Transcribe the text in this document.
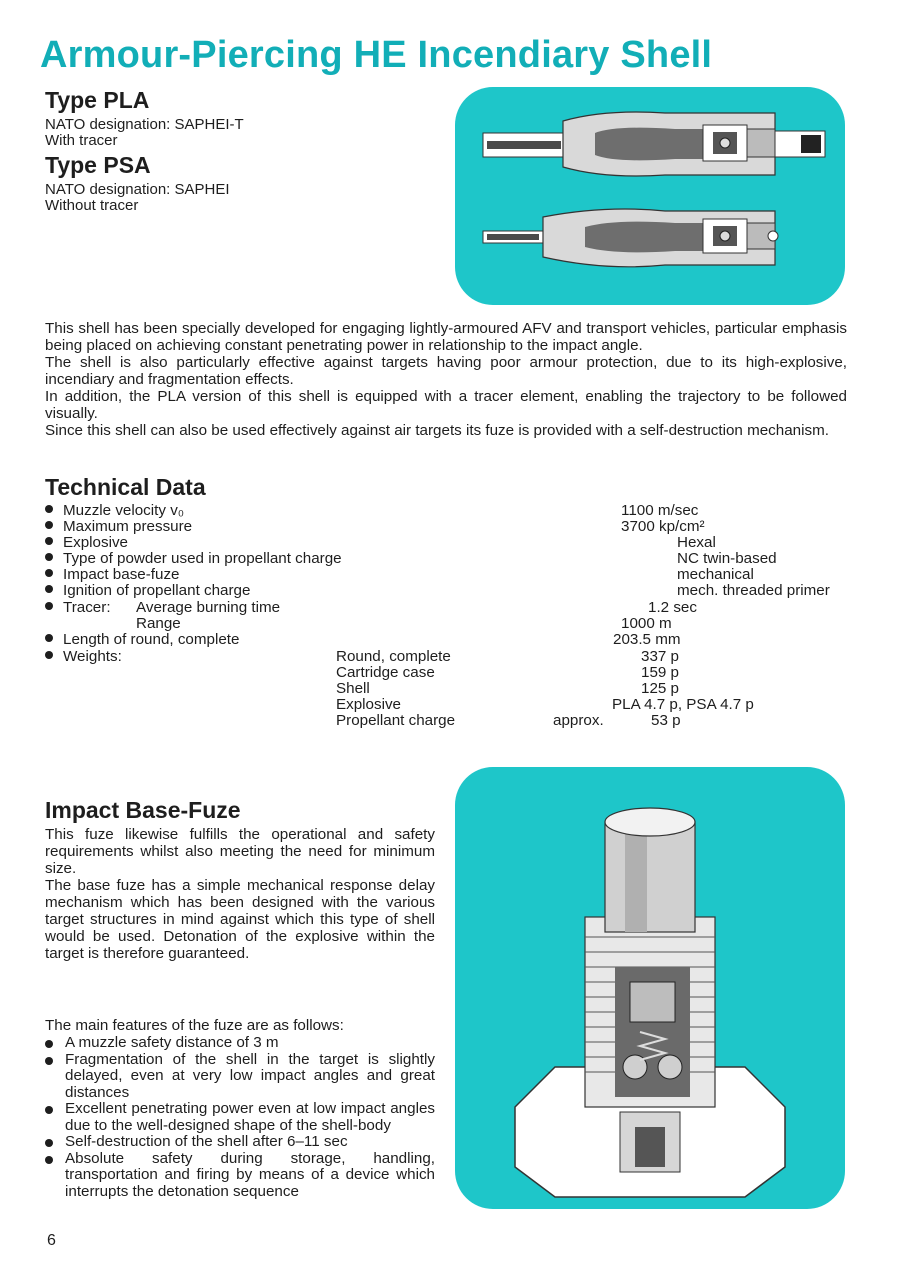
Armour-Piercing HE Incendiary Shell
Type PLA

NATO designation: SAPHEI-T

With tracer

Type PSA

NATO designation: SAPHEI

Without tracer

This shell has been specially developed for engaging lightly-armoured AFV and transport vehicles, particular emphasis being placed on achieving constant penetrating power in relationship to the impact angle.

The shell is also particularly effective against targets having poor armour protection, due to its high-explosive, incendiary and fragmentation effects.

In addition, the PLA version of this shell is equipped with a tracer element, enabling the trajectory to be followed visually.

Since this shell can also be used effectively against air targets its fuze is provided with a self-destruction mechanism.

Technical Data
Muzzle velocity v₀
Maximum pressure
Explosive
Type of powder used in propellant charge
Impact base-fuze
Ignition of propellant charge
Tracer: Average burning time
Range
Length of round, complete
Weights:	Round, complete
Cartridge case
Shell
Explosive
Propellant charge	approx.
1100 m/sec
3700 kp/cm²
Hexal
NC twin-based
mechanical
mech. threaded primer
1.2 sec
1000 m
203.5 mm
337 p
159 p
125 p
PLA 4.7 p, PSA 4.7 p
53 p
Impact Base-Fuze

This fuze likewise fulfills the operational and safety requirements whilst also meeting the need for minimum size.

The base fuze has a simple mechanical response delay mechanism which has been designed with the various target structures in mind against which this type of shell would be used. Detonation of the explosive within the target is therefore guaranteed.

The main features of the fuze are as follows:

A muzzle safety distance of 3 m
Fragmentation of the shell in the target is slightly delayed, even at very low impact angles and great distances
Excellent penetrating power even at low impact angles due to the well-designed shape of the shell-body
Self-destruction of the shell after 6–11 sec
Absolute safety during storage, handling, transportation and firing by means of a device which interrupts the detonation sequence
6
